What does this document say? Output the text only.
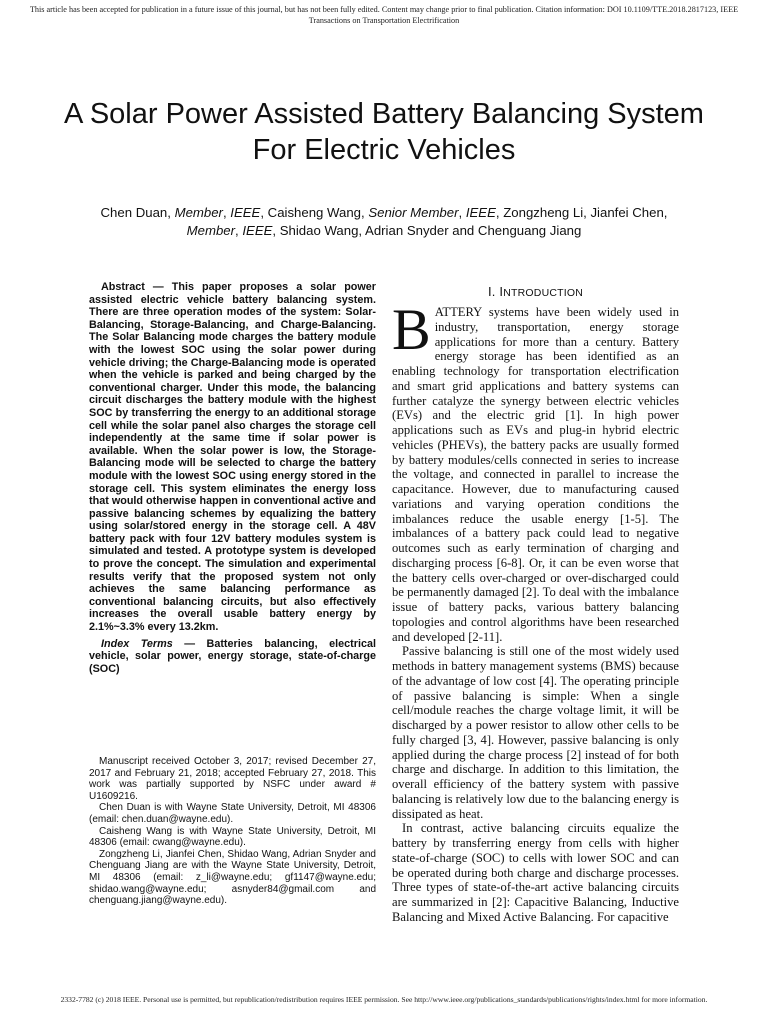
This article has been accepted for publication in a future issue of this journal, but has not been fully edited. Content may change prior to final publication. Citation information: DOI 10.1109/TTE.2018.2817123, IEEE Transactions on Transportation Electrification
A Solar Power Assisted Battery Balancing System For Electric Vehicles
Chen Duan, Member, IEEE, Caisheng Wang, Senior Member, IEEE, Zongzheng Li, Jianfei Chen, Member, IEEE, Shidao Wang, Adrian Snyder and Chenguang Jiang

Abstract — This paper proposes a solar power assisted electric vehicle battery balancing system. There are three operation modes of the system: Solar-Balancing, Storage-Balancing, and Charge-Balancing. The Solar Balancing mode charges the battery module with the lowest SOC using the solar power during vehicle driving; the Charge-Balancing mode is operated when the vehicle is parked and being charged by the conventional charger. Under this mode, the balancing circuit discharges the battery module with the highest SOC by transferring the energy to an additional storage cell while the solar panel also charges the storage cell independently at the same time if solar power is available. When the solar power is low, the Storage-Balancing mode will be selected to charge the battery module with the lowest SOC using energy stored in the storage cell. This system eliminates the energy loss that would otherwise happen in conventional active and passive balancing schemes by equalizing the battery using solar/stored energy in the storage cell. A 48V battery pack with four 12V battery modules system is simulated and tested. A prototype system is developed to prove the concept. The simulation and experimental results verify that the proposed system not only achieves the same balancing performance as conventional balancing circuits, but also effectively increases the overall usable battery energy by 2.1%~3.3% every 13.2km.

Index Terms — Batteries balancing, electrical vehicle, solar power, energy storage, state-of-charge (SOC)

Manuscript received October 3, 2017; revised December 27, 2017 and February 21, 2018; accepted February 27, 2018. This work was partially supported by NSFC under award # U1609216.

Chen Duan is with Wayne State University, Detroit, MI 48306 (email: chen.duan@wayne.edu).

Caisheng Wang is with Wayne State University, Detroit, MI 48306 (email: cwang@wayne.edu).

Zongzheng Li, Jianfei Chen, Shidao Wang, Adrian Snyder and Chenguang Jiang are with the Wayne State University, Detroit, MI 48306 (email: z_li@wayne.edu; gf1147@wayne.edu; shidao.wang@wayne.edu; asnyder84@gmail.com and chenguang.jiang@wayne.edu).

I. INTRODUCTION

BATTERY systems have been widely used in industry, transportation, energy storage applications for more than a century. Battery energy storage has been identified as an enabling technology for transportation electrification and smart grid applications and battery systems can further catalyze the synergy between electric vehicles (EVs) and the electric grid [1]. In high power applications such as EVs and plug-in hybrid electric vehicles (PHEVs), the battery packs are usually formed by battery modules/cells connected in series to increase the voltage, and connected in parallel to increase the capacitance. However, due to manufacturing caused variations and varying operation conditions the imbalances reduce the usable energy [1-5]. The imbalances of a battery pack could lead to negative outcomes such as early termination of charging and discharging process [6-8]. Or, it can be even worse that the battery cells over-charged or over-discharged could be permanently damaged [2]. To deal with the imbalance issue of battery packs, various battery balancing topologies and control algorithms have been researched and developed [2-11].

Passive balancing is still one of the most widely used methods in battery management systems (BMS) because of the advantage of low cost [4]. The operating principle of passive balancing is simple: When a single cell/module reaches the charge voltage limit, it will be discharged by a power resistor to allow other cells to be fully charged [3, 4]. However, passive balancing is only applied during the charge process [2] instead of for both charge and discharge. In addition to this limitation, the overall efficiency of the battery system with passive balancing is relatively low due to the balancing energy is dissipated as heat.

In contrast, active balancing circuits equalize the battery by transferring energy from cells with higher state-of-charge (SOC) to cells with lower SOC and can be operated during both charge and discharge processes. Three types of state-of-the-art active balancing circuits are summarized in [2]: Capacitive Balancing, Inductive Balancing and Mixed Active Balancing. For capacitive

2332-7782 (c) 2018 IEEE. Personal use is permitted, but republication/redistribution requires IEEE permission. See http://www.ieee.org/publications_standards/publications/rights/index.html for more information.
